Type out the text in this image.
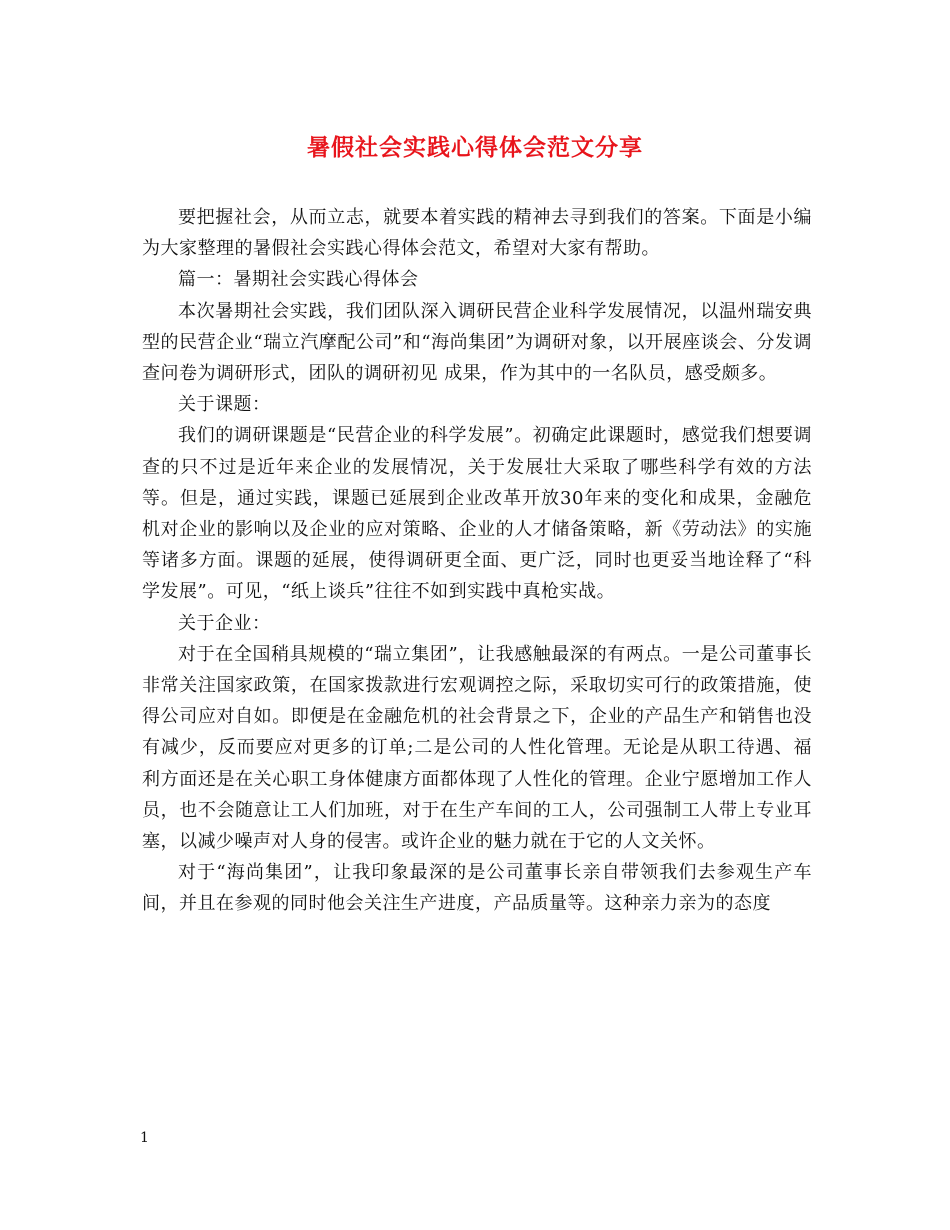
暑假社会实践心得体会范文分享

要把握社会，从而立志，就要本着实践的精神去寻到我们的答案。下面是小编为大家整理的暑假社会实践心得体会范文，希望对大家有帮助。

篇一：暑期社会实践心得体会

本次暑期社会实践，我们团队深入调研民营企业科学发展情况，以温州瑞安典型的民营企业“瑞立汽摩配公司”和“海尚集团”为调研对象，以开展座谈会、分发调查问卷为调研形式，团队的调研初见 成果，作为其中的一名队员，感受颇多。

关于课题：

我们的调研课题是“民营企业的科学发展”。初确定此课题时，感觉我们想要调查的只不过是近年来企业的发展情况，关于发展壮大采取了哪些科学有效的方法等。但是，通过实践，课题已延展到企业改革开放30年来的变化和成果，金融危机对企业的影响以及企业的应对策略、企业的人才储备策略，新《劳动法》的实施等诸多方面。课题的延展，使得调研更全面、更广泛，同时也更妥当地诠释了“科学发展”。可见，“纸上谈兵”往往不如到实践中真枪实战。

关于企业：

对于在全国稍具规模的“瑞立集团”，让我感触最深的有两点。一是公司董事长非常关注国家政策，在国家拨款进行宏观调控之际，采取切实可行的政策措施，使得公司应对自如。即便是在金融危机的社会背景之下，企业的产品生产和销售也没有减少，反而要应对更多的订单;二是公司的人性化管理。无论是从职工待遇、福利方面还是在关心职工身体健康方面都体现了人性化的管理。企业宁愿增加工作人员，也不会随意让工人们加班，对于在生产车间的工人，公司强制工人带上专业耳塞，以减少噪声对人身的侵害。或许企业的魅力就在于它的人文关怀。

对于“海尚集团”，让我印象最深的是公司董事长亲自带领我们去参观生产车间，并且在参观的同时他会关注生产进度，产品质量等。这种亲力亲为的态度

1
